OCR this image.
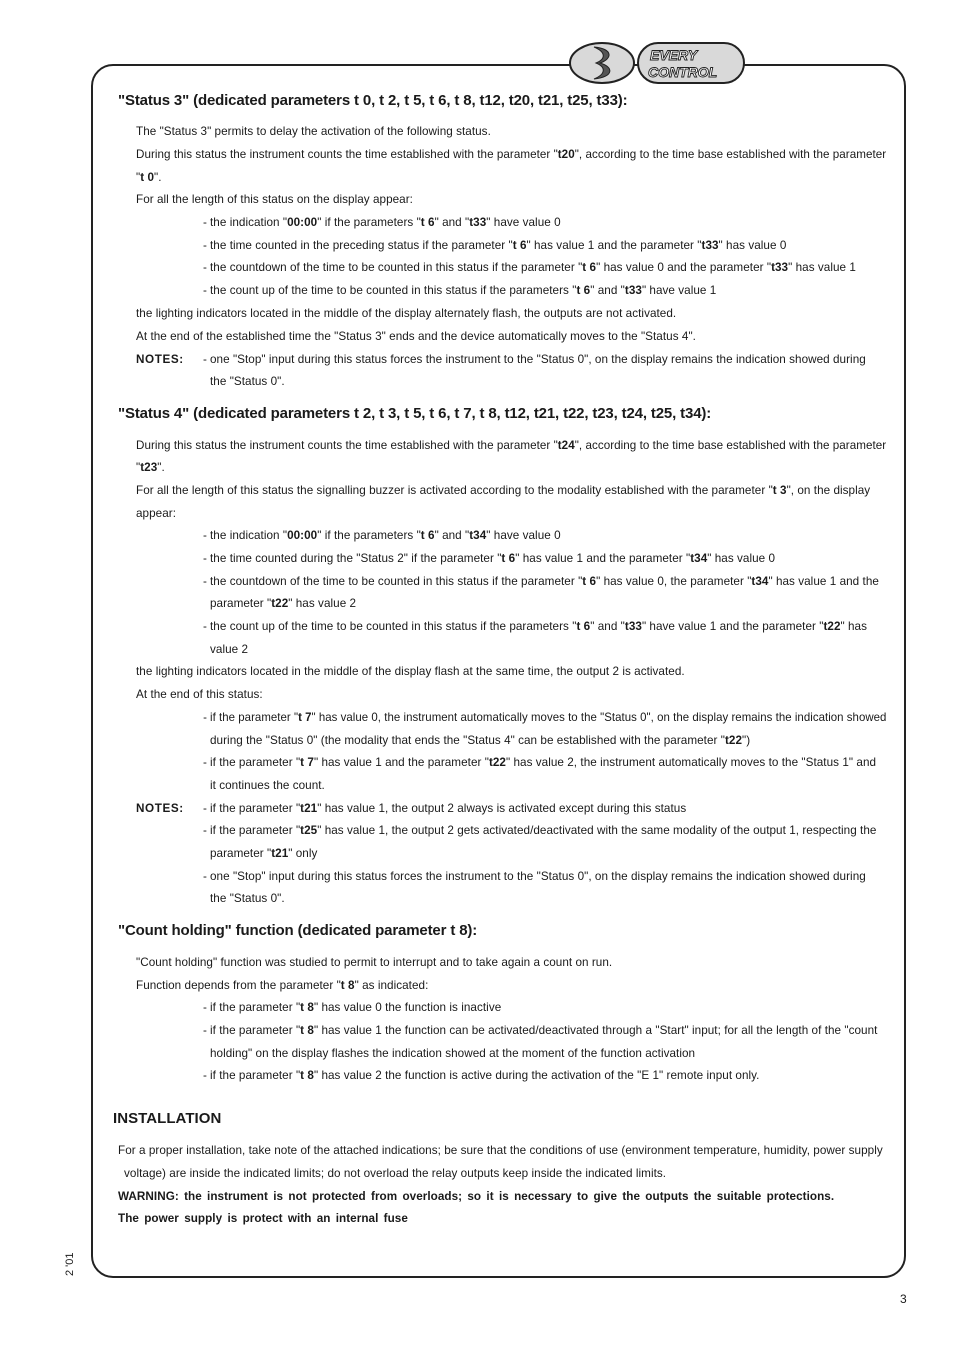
EVERY
CONTROL
"Status 3" (dedicated parameters t 0, t 2, t 5, t 6, t 8, t12, t20, t21, t25, t33):
The "Status 3" permits to delay the activation of the following status.
During this status the instrument counts the time established with the parameter "t20", according to the time base established with the parameter
"t 0".
For all the length of this status on the display appear:
- the indication "00:00" if the parameters "t 6" and "t33" have value 0
- the time counted in the preceding status if the parameter "t 6" has value 1 and the parameter "t33" has value 0
- the countdown of the time to be counted in this status if the parameter "t 6" has value 0 and the parameter "t33" has value 1
- the count up of the time to be counted in this status if the parameters "t 6" and "t33" have value 1
the lighting indicators located in the middle of the display alternately flash, the outputs are not activated.
At the end of the established time the "Status 3" ends and the device automatically moves to the "Status 4".
NOTES: - one "Stop" input during this status forces the instrument to the "Status 0", on the display remains the indication showed during
the "Status 0".
"Status 4" (dedicated parameters t 2, t 3, t 5, t 6, t 7, t 8, t12, t21, t22, t23, t24, t25, t34):
During this status the instrument counts the time established with the parameter "t24", according to the time base established with the parameter
"t23".
For all the length of this status the signalling buzzer is activated according to the modality established with the parameter "t 3", on the display
appear:
- the indication "00:00" if the parameters "t 6" and "t34" have value 0
- the time counted during the "Status 2" if the parameter "t 6" has value 1 and the parameter "t34" has value 0
- the countdown of the time to be counted in this status if the parameter "t 6" has value 0, the parameter "t34" has value 1 and the
parameter "t22" has value 2
- the count up of the time to be counted in this status if the parameters "t 6" and "t33" have value 1 and the parameter "t22" has
value 2
the lighting indicators located in the middle of the display flash at the same time, the output 2 is activated.
At the end of this status:
- if the parameter "t 7" has value 0, the instrument automatically moves to the "Status 0", on the display remains the indication showed
during the "Status 0" (the modality that ends the "Status 4" can be established with the parameter "t22")
- if the parameter "t 7" has value 1 and the parameter "t22" has value 2, the instrument automatically moves to the "Status 1" and
it continues the count.
NOTES: - if the parameter "t21" has value 1, the output 2 always is activated except during this status
- if the parameter "t25" has value 1, the output 2 gets activated/deactivated with the same modality of the output 1, respecting the
parameter "t21" only
- one "Stop" input during this status forces the instrument to the "Status 0", on the display remains the indication showed during
the "Status 0".
"Count holding" function (dedicated parameter t 8):
"Count holding" function was studied to permit to interrupt and to take again a count on run.
Function depends from the parameter "t 8" as indicated:
- if the parameter "t 8" has value 0 the function is inactive
- if the parameter "t 8" has value 1 the function can be activated/deactivated through a "Start" input; for all the length of the "count
holding" on the display flashes the indication showed at the moment of the function activation
- if the parameter "t 8" has value 2 the function is active during the activation of the "E 1" remote input only.
INSTALLATION
For a proper installation, take note of the attached indications; be sure that the conditions of use (environment temperature, humidity, power supply
voltage) are inside the indicated limits; do not overload the relay outputs keep inside the indicated limits.
WARNING: the instrument is not protected from overloads; so it is necessary to give the outputs the suitable protections.
The power supply is protect with an internal fuse
2 '01
3
